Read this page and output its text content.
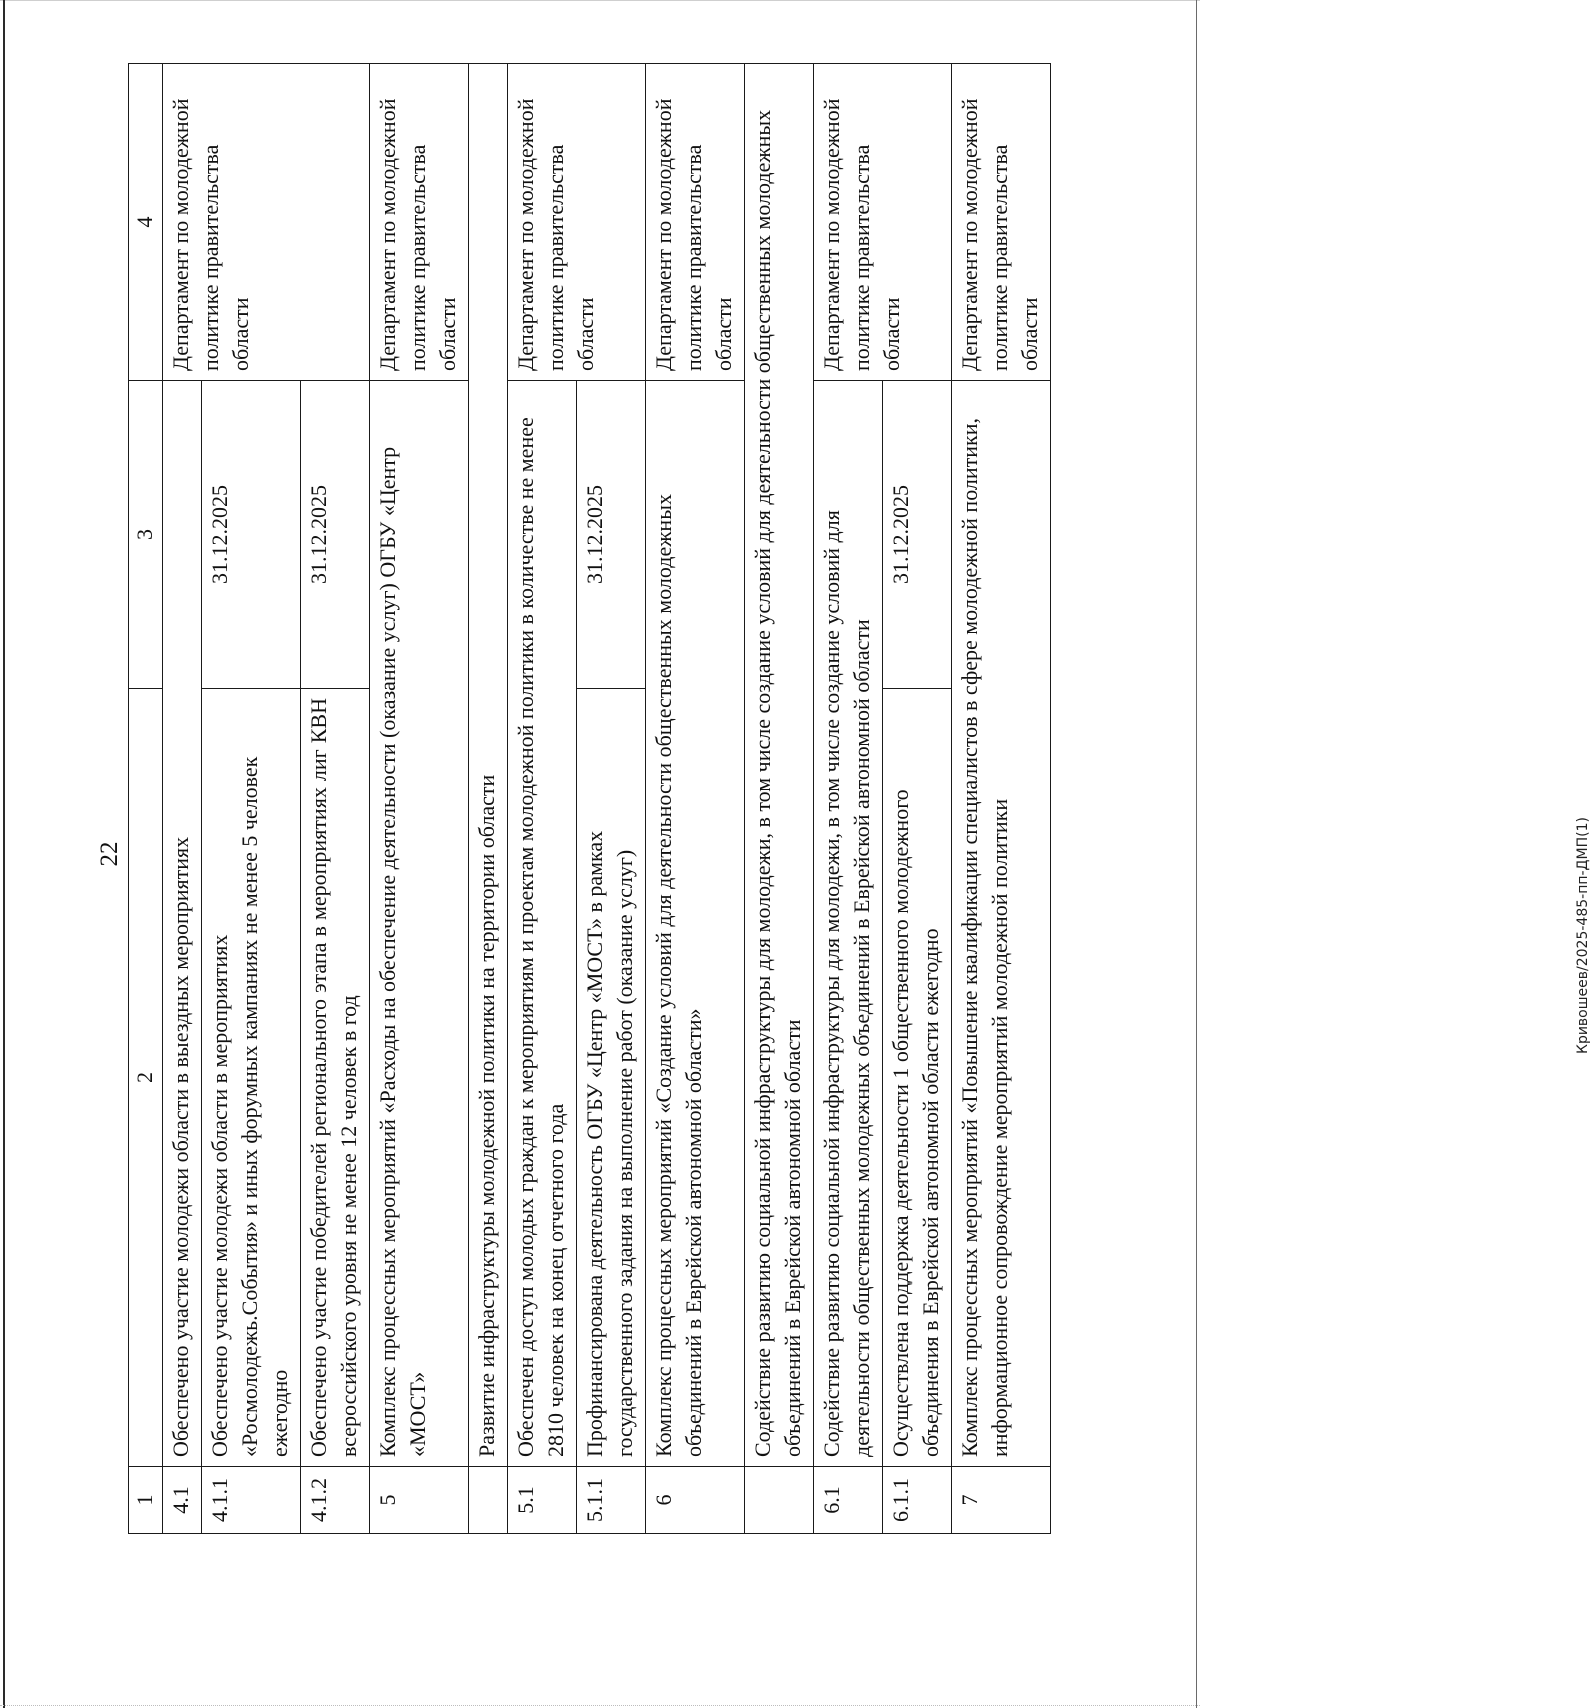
22
1	2	3	4
4.1	Обеспечено участие молодежи области в выездных мероприятиях		Департамент по молодежной политике правительства области
4.1.1	Обеспечено участие молодежи области в мероприятиях «Росмолодежь.События» и иных форумных кампаниях не менее 5 человек ежегодно	31.12.2025	
4.1.2	Обеспечено участие победителей регионального этапа в мероприятиях лиг КВН всероссийского уровня не менее 12 человек в год	31.12.2025	
5	Комплекс процессных мероприятий «Расходы на обеспечение деятельности (оказание услуг) ОГБУ «Центр «МОСТ»		Департамент по молодежной политике правительства области
	Развитие инфраструктуры молодежной политики на территории области		
5.1	Обеспечен доступ молодых граждан к мероприятиям и проектам молодежной политики в количестве не менее 2810 человек на конец отчетного года		Департамент по молодежной политике правительства области
5.1.1	Профинансирована деятельность ОГБУ «Центр «МОСТ» в рамках государственного задания на выполнение работ (оказание услуг)	31.12.2025	
6	Комплекс процессных мероприятий «Создание условий для деятельности общественных молодежных объединений в Еврейской автономной области»		Департамент по молодежной политике правительства области
	Содействие развитию социальной инфраструктуры для молодежи, в том числе создание условий для деятельности общественных молодежных объединений в Еврейской автономной области		
6.1	Содействие развитию социальной инфраструктуры для молодежи, в том числе создание условий для деятельности общественных молодежных объединений в Еврейской автономной области		Департамент по молодежной политике правительства области
6.1.1	Осуществлена поддержка деятельности 1 общественного молодежного объединения в Еврейской автономной области ежегодно	31.12.2025	
7	Комплекс процессных мероприятий «Повышение квалификации специалистов в сфере молодежной политики, информационное сопровождение мероприятий молодежной политики		Департамент по молодежной политике правительства области
Кривошеев/2025-485-пп-ДМП(1)
